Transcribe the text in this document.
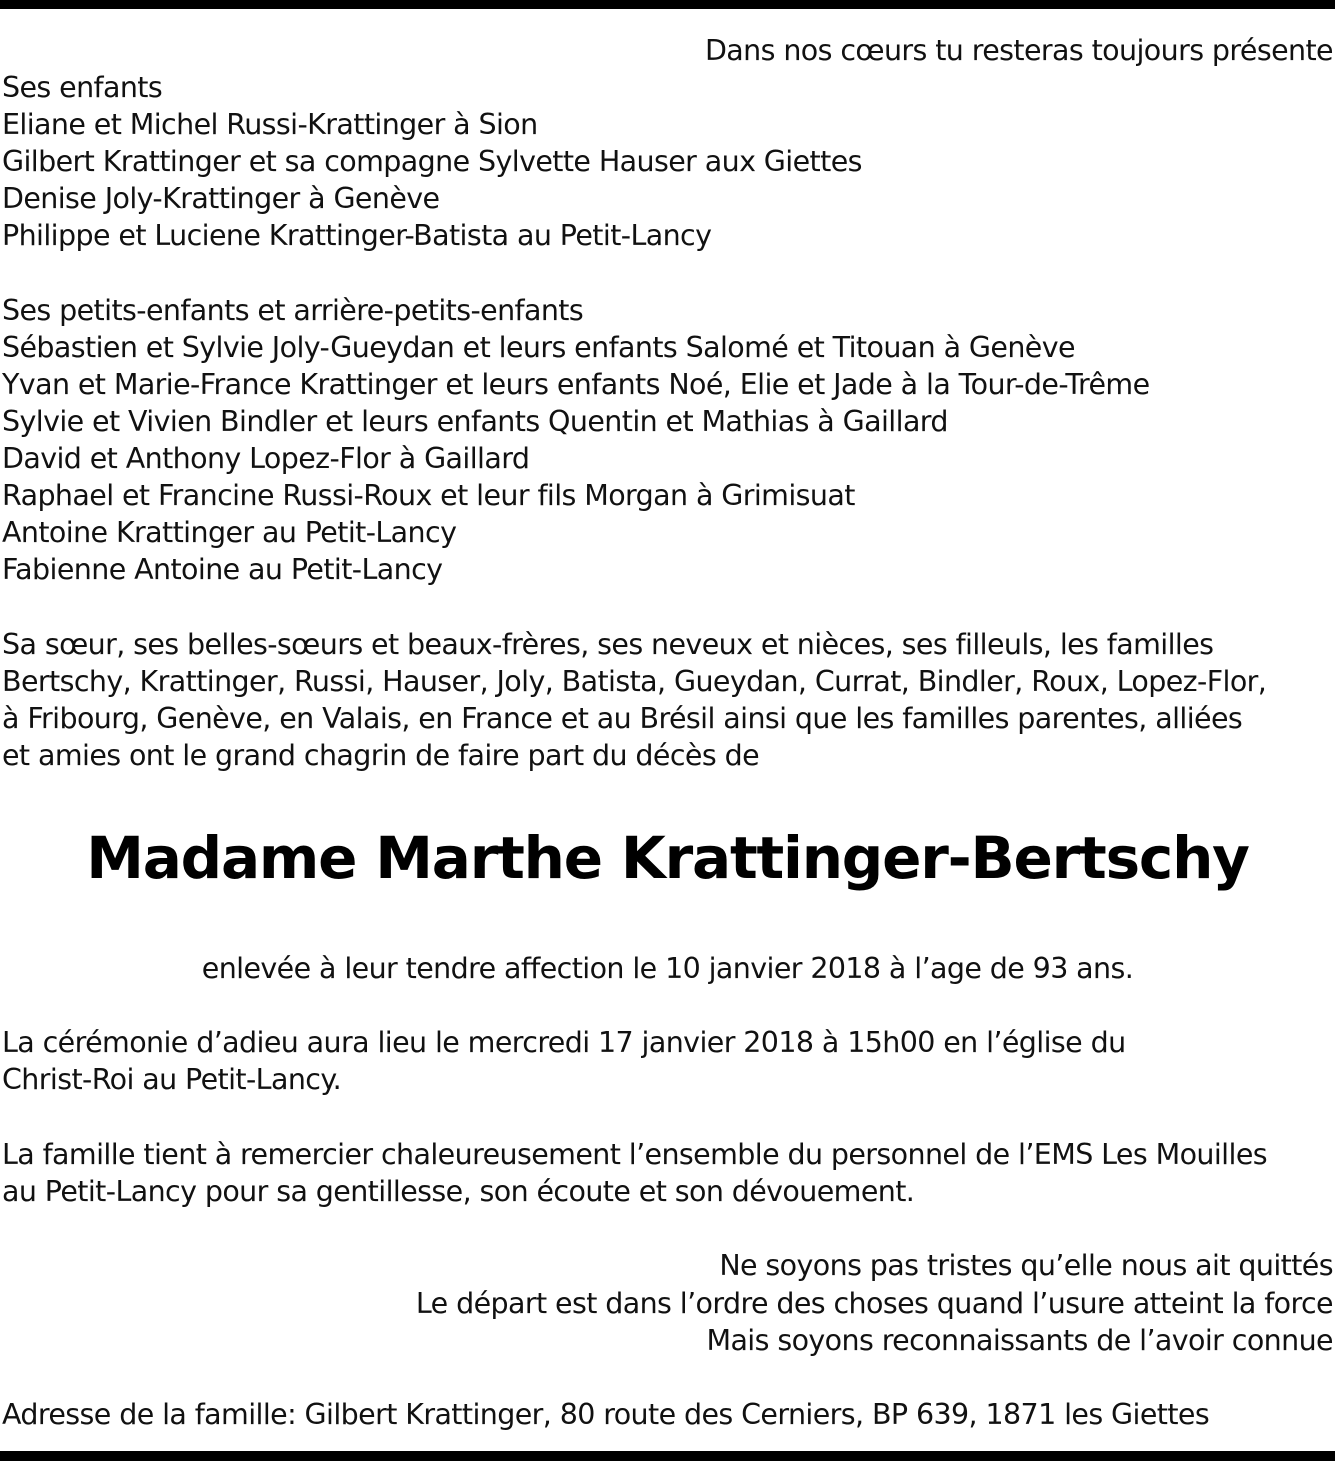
Dans nos cœurs tu resteras toujours présente
Ses enfants
Eliane et Michel Russi-Krattinger à Sion
Gilbert Krattinger et sa compagne Sylvette Hauser aux Giettes
Denise Joly-Krattinger à Genève
Philippe et Luciene Krattinger-Batista au Petit-Lancy
Ses petits-enfants et arrière-petits-enfants
Sébastien et Sylvie Joly-Gueydan et leurs enfants Salomé et Titouan à Genève
Yvan et Marie-France Krattinger et leurs enfants Noé, Elie et Jade à la Tour-de-Trême
Sylvie et Vivien Bindler et leurs enfants Quentin et Mathias à Gaillard
David et Anthony Lopez-Flor à Gaillard
Raphael et Francine Russi-Roux et leur fils Morgan à Grimisuat
Antoine Krattinger au Petit-Lancy
Fabienne Antoine au Petit-Lancy
Sa sœur, ses belles-sœurs et beaux-frères, ses neveux et nièces, ses filleuls, les familles
Bertschy, Krattinger, Russi, Hauser, Joly, Batista, Gueydan, Currat, Bindler, Roux, Lopez-Flor,
à Fribourg, Genève, en Valais, en France et au Brésil ainsi que les familles parentes, alliées
et amies ont le grand chagrin de faire part du décès de
Madame Marthe Krattinger-Bertschy
enlevée à leur tendre affection le 10 janvier 2018 à l’age de 93 ans.
La cérémonie d’adieu aura lieu le mercredi 17 janvier 2018 à 15h00 en l’église du
Christ-Roi au Petit-Lancy.
La famille tient à remercier chaleureusement l’ensemble du personnel de l’EMS Les Mouilles
au Petit-Lancy pour sa gentillesse, son écoute et son dévouement.
Ne soyons pas tristes qu’elle nous ait quittés
Le départ est dans l’ordre des choses quand l’usure atteint la force
Mais soyons reconnaissants de l’avoir connue
Adresse de la famille: Gilbert Krattinger, 80 route des Cerniers, BP 639, 1871 les Giettes
